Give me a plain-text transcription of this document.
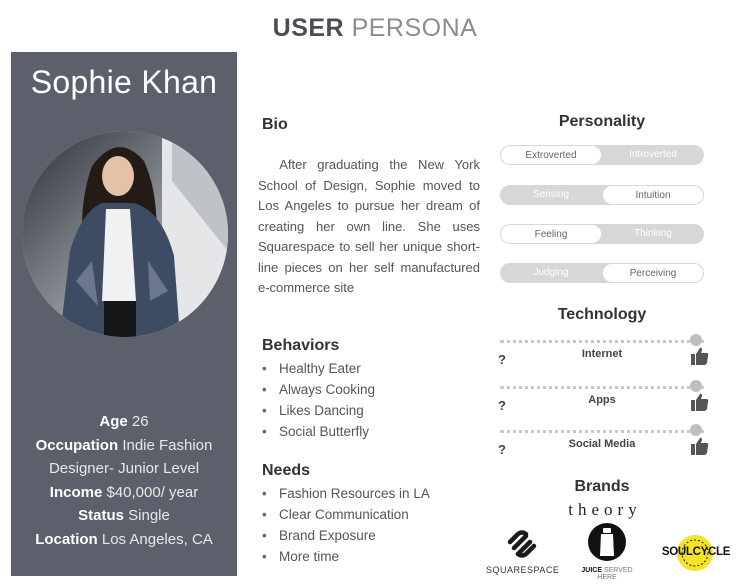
USER PERSONA
Sophie Khan
Age 26
Occupation Indie Fashion
Designer- Junior Level
Income $40,000/ year
Status Single
Location Los Angeles, CA
Bio
After graduating the New York School of Design, Sophie moved to Los Angeles to pursue her dream of creating her own line. She uses Squarespace to sell her unique short-line pieces on her self manufactured e-commerce site
Behaviors
• Healthy Eater
• Always Cooking
• Likes Dancing
• Social Butterfly
Needs
• Fashion Resources in LA
• Clear Communication
• Brand Exposure
• More time
Personality
Extroverted	Introverted
Sensing	Intuition
Feeling	Thinking
Judging	Perceiving
Technology
Internet
?
Apps
?
Social Media
?
Brands
theory
SQUARESPACE	JUICE SERVED HERE
SOULCYCLE
